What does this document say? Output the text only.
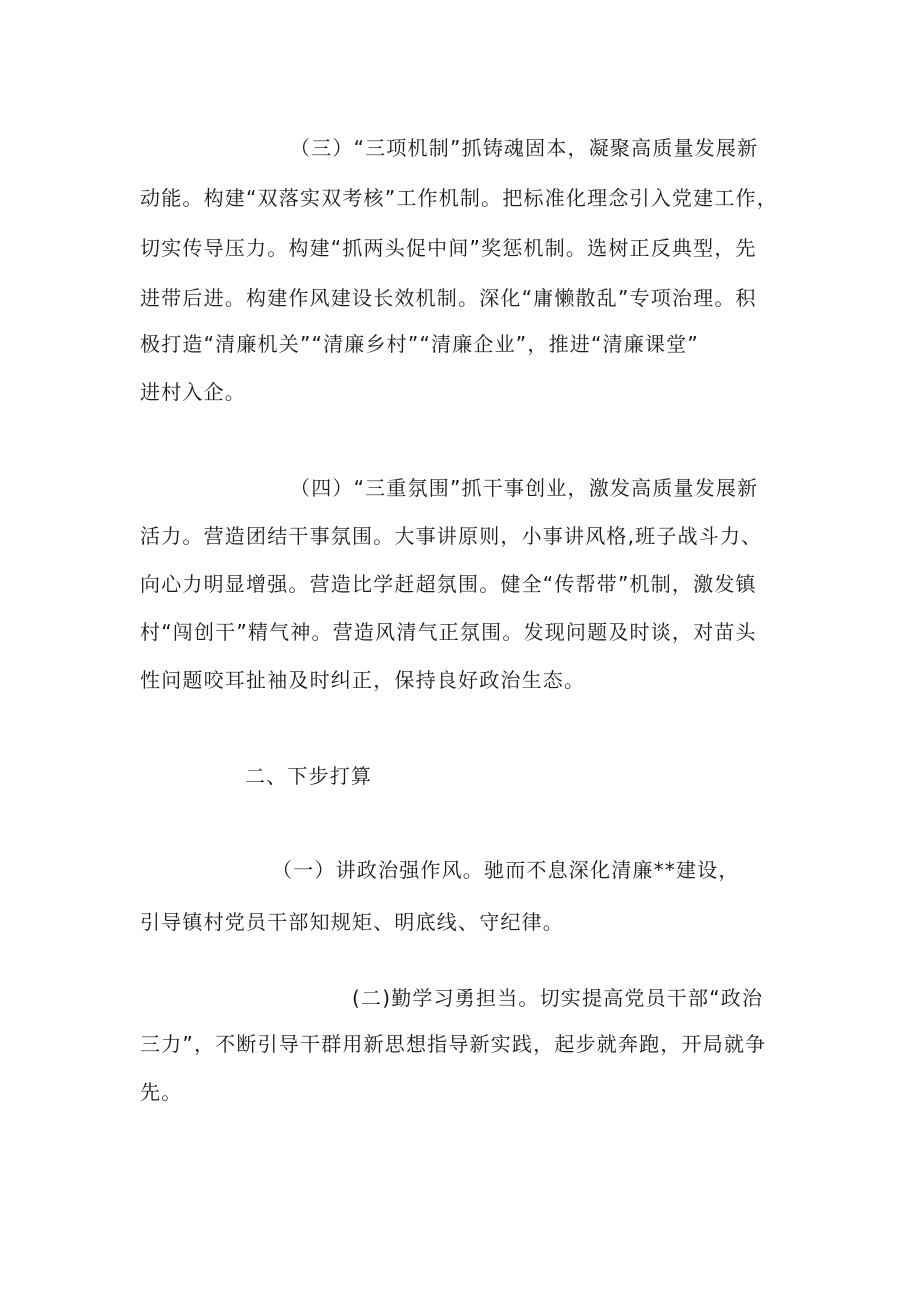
（三）“三项机制”抓铸魂固本，凝聚高质量发展新
动能。构建“双落实双考核”工作机制。把标准化理念引入党建工作，
切实传导压力。构建“抓两头促中间”奖惩机制。选树正反典型，先
进带后进。构建作风建设长效机制。深化“庸懒散乱”专项治理。积
极打造“清廉机关”“清廉乡村”“清廉企业”，推进“清廉课堂”
进村入企。
（四）“三重氛围”抓干事创业，激发高质量发展新
活力。营造团结干事氛围。大事讲原则，小事讲风格,班子战斗力、
向心力明显增强。营造比学赶超氛围。健全“传帮带”机制，激发镇
村“闯创干”精气神。营造风清气正氛围。发现问题及时谈，对苗头
性问题咬耳扯袖及时纠正，保持良好政治生态。
二、下步打算
（一）讲政治强作风。驰而不息深化清廉**建设，
引导镇村党员干部知规矩、明底线、守纪律。
(二)勤学习勇担当。切实提高党员干部“政治
三力”，不断引导干群用新思想指导新实践，起步就奔跑，开局就争
先。
